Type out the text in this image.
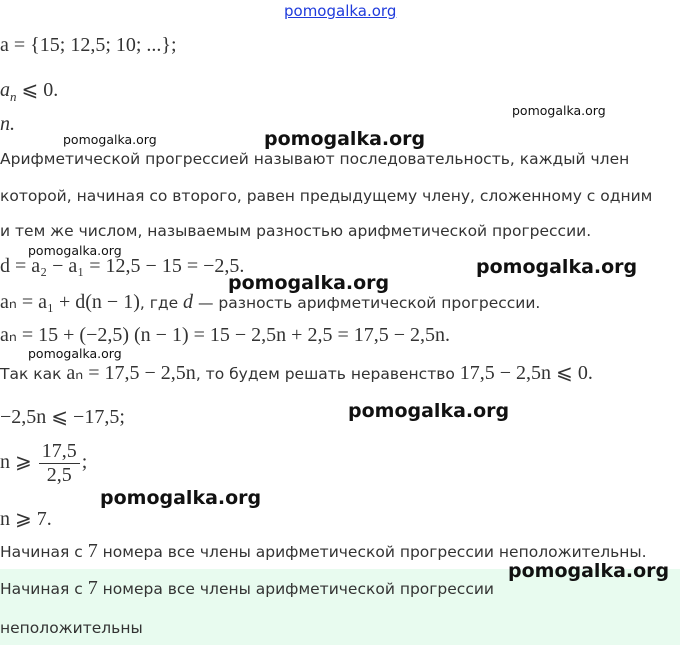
pomogalka.org
a = {15; 12,5; 10; ...};
$a_n$ ⩽ 0.
n.
Арифметической прогрессией называют последовательность, каждый член
которой, начиная со второго, равен предыдущему члену, сложенному с одним
и тем же числом, называемым разностью арифметической прогрессии.
d = a₂ − a₁ = 12,5 − 15 = −2,5.
aₙ = a₁ + d(n − 1), где d — разность арифметической прогрессии.
aₙ = 15 + (−2,5) (n − 1) = 15 − 2,5n + 2,5 = 17,5 − 2,5n.
Так как aₙ = 17,5 − 2,5n, то будем решать неравенство 17,5 − 2,5n ⩽ 0.
−2,5n ⩽ −17,5;
n ⩾ $\frac{17,5}{2,5}$ ;
n ⩾ 7.
Начиная с 7 номера все члены арифметической прогрессии неположительны.
Начиная с 7 номера все члены арифметической прогрессии
неположительны
pomogalka.org
pomogalka.org	pomogalka.org
pomogalka.org
pomogalka.org
pomogalka.org
pomogalka.org
pomogalka.org
pomogalka.org
pomogalka.org
